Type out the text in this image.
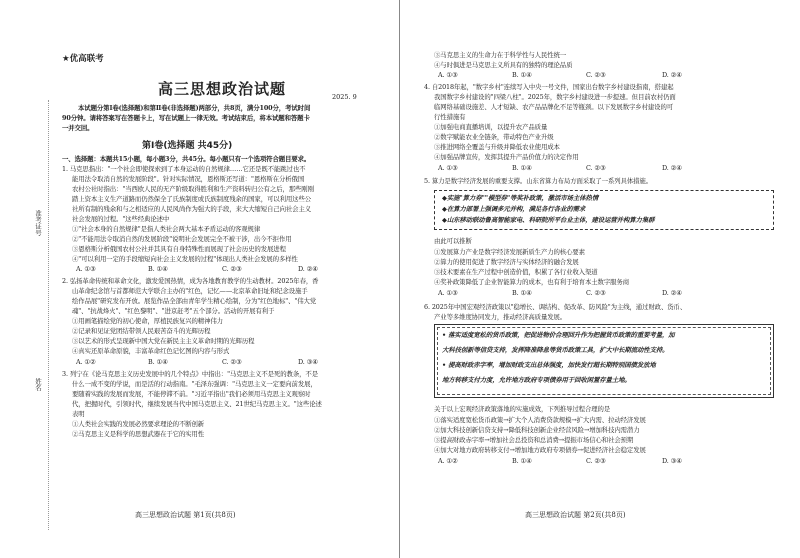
★优高联考
高三思想政治试题	2025. 9
准考证号
姓名
本试题分第Ⅰ卷(选择题)和第Ⅱ卷(非选择题)两部分，共8页，满分100分，考试时间
90分钟。请将答案写在答题卡上，写在试题上一律无效。考试结束后，将本试题和答题卡
一并交回。
第Ⅰ卷(选择题 共45分)
一、选择题：本题共15小题，每小题3分，共45分。每小题只有一个选项符合题目要求。
1. 马克思指出："一个社会即使探索到了本身运动的自然规律……它还是既不能跳过也不
能用法令取消自然的发展阶段"。针对实际情况，恩格斯还写道："恩格斯在分析俄国
农村公社时指出："当西欧人民的无产阶级取得胜利和生产资料转归公有之后，那些刚刚
踏上资本主义生产道路而仍然保全了氏族制度或氏族制度残余的国家，可以利用这些公
社所有制的残余和与之相适应的人民风尚作为强大的手段，来大大缩短自己向社会主义
社会发展的过程。"这些经典论述中
①"社会本身的自然规律"是指人类社会两大基本矛盾运动的客观规律
②"不能用法令取消自然的发展阶段"说明社会发展完全不被干涉，出今不拒作用
③恩格斯分析俄国农村公社并其具有自身特殊性而展现了社会历史的发展进程
④"可以利用一定的手段缩短向社会主义发展的过程"体现出人类社会发展的多样性
A. ①③	B. ①④	C. ②③	D. ②④
2. 弘扬革命传统和革命文化，激发爱国热情，成为各地教育教学的生动教材。2025年春，香
山革命纪念馆与首都师范大学联合主办的"红色，记忆——北京革命旧址和纪念设施手
绘作品展"研究发布开放。展览作品全部由青年学生精心绘制，分为"红色地标"、"伟大党
魂"、"抗战烽火"、"红色黎明"、"进京赶考"五个部分。活动的开展有利于
①用画笔描绘党的初心使命，厚植民族复兴的精神伟力
②记录和见证党团结带领人民艰苦奋斗的光辉历程
③以艺术的形式呈现新中国大党在新民主主义革命时期的光辉历程
④真实还原革命原貌，丰富革命红色记忆图的内容与形式
A. ①②	B. ①④	C. ②③	D. ③④
3. 列宁在《论马克思主义历史发展中的几个特点》中指出："马克思主义不是死的教条，不是
什么一成不变的学说，而是活的行动指南。"毛泽东强调："马克思主义一定要向前发展，
要随着实践的发展而发展，不能停滞不前。"习近平指出"我们必须用马克思主义观察时
代，把握时代，引领时代，继续发展当代中国马克思主义、21世纪马克思主义。"这些论述
表明
①人类社会实践的发展必然要求理论的不断创新
②马克思主义是科学的思想武器在于它的实用性
高三思想政治试题 第1页(共8页)
③马克思主义的生命力在于科学性与人民性统一
④与时俱进是马克思主义所具有的独特的理论品质
A. ①③	B. ①④	C. ②③	D. ②④
4. 自2018年起，"数字乡村"连续写入中央一号文件，国家出台数字乡村建设指南，搭建起
我国数字乡村建设的"四梁八柱"。2025年，数字乡村建设进一步提速。但目前农村仍面
临网络基础设施差、人才短缺、农产品品牌化不足等瓶颈。以下发展数字乡村建设的可
行性措施有
①加强电商直播培训，以提升农产品质量
②数字赋能农业全链条，带动特色产业升级
③推进网络全覆盖与升级并降低农业使用成本
④加强品牌宣传，发挥其提升产品价值力的决定作用
A. ①③	B. ①④	C. ②③	D. ②④
5. 算力是数字经济发展的重要支撑。山东省算力布局方面采取了一系列具体措施。
◆实施"算力券""模型券"等奖补政策，激活市场主体热情
◆在算力部署上强调多元并构，满足各行各业的需求
◆山东移动联动鲁高智能家电、科研院所平台业主体，建设运营并构算力集群
由此可以推断
①发展算力产业是数字经济发展新质生产力的核心要素
②算力的使用促进了数字经济与实体经济的融合发展
③技术要素在生产过程中创造价值，积累了各行业收入渠道
④奖补政策降低了企业智能算力的成本，也有利于培育本土数字服务商
A. ①③	B. ①④	C. ②③	D. ②④
6. 2025年中国宏观经济政策以"稳增长、调结构、促改革、防风险"为主线，通过财政、货币、
产业等多维度协同发力，推动经济高质量发展。
• 落实适度宽松的货币政策，把促进物价合理回升作为把握货币政策的重要考量，加
大科技创新等信贷支持，发挥降准降息等货币政策工具，扩大中长期流动性支持。
• 提高财政赤字率，增加财政支出总体强度，加快发行超长期特别国债发放地
地方转移支付力度，允许地方政府专项债券用于回收闲置存量土地。
关于以上宏观经济政策落地的实施成效，下列推导过程合理的是
①落实适度宽松货币政策→扩大个人消费贷款规模→扩大内需、拉动经济发展
②加大科技创新信贷支持→降低科技创新企业经营风险→增加科技内需潜力
③提高财政赤字率→增加社会总投资和总消费→提振市场信心和社会预期
④加大对地方政府转移支付→增加地方政府专项债券→促进经济社会稳定发展
A. ①②	B. ①④	C. ②③	D. ③④
高三思想政治试题 第2页(共8页)
